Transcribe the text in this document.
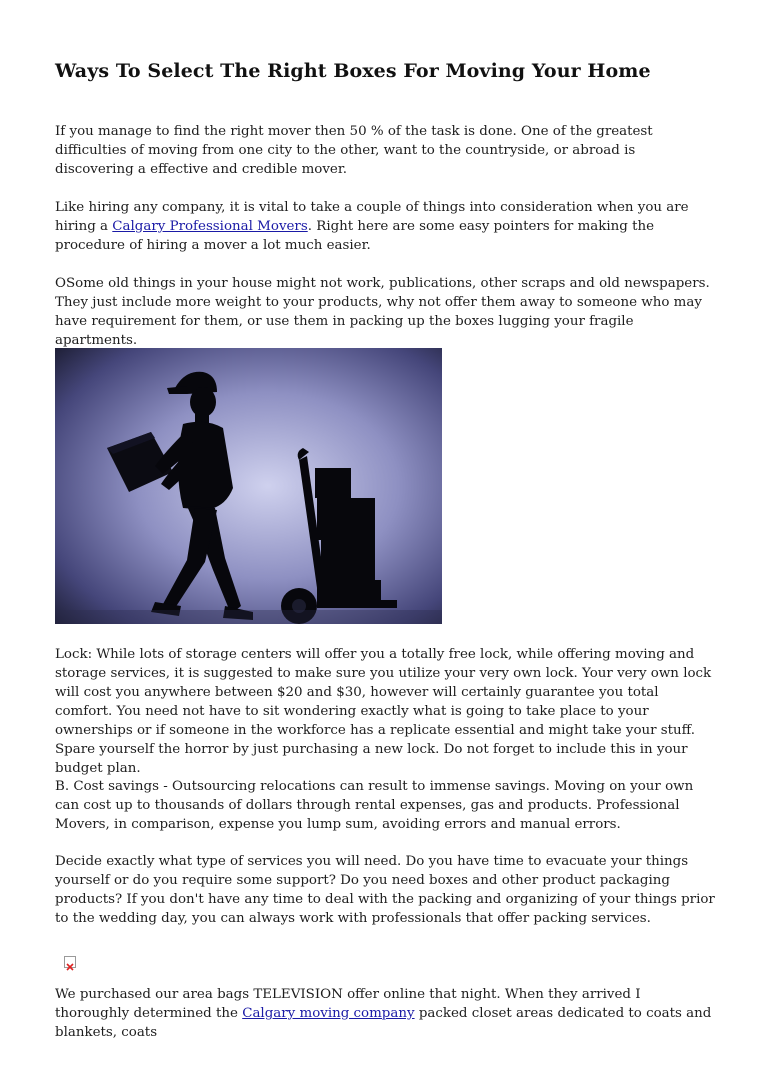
Ways To Select The Right Boxes For Moving Your Home

If you manage to find the right mover then 50 % of the task is done. One of the greatest difficulties of moving from one city to the other, want to the countryside, or abroad is discovering a effective and credible mover.

Like hiring any company, it is vital to take a couple of things into consideration when you are hiring a Calgary Professional Movers. Right here are some easy pointers for making the procedure of hiring a mover a lot much easier.

OSome old things in your house might not work, publications, other scraps and old newspapers. They just include more weight to your products, why not offer them away to someone who may have requirement for them, or use them in packing up the boxes lugging your fragile apartments.

Lock: While lots of storage centers will offer you a totally free lock, while offering moving and storage services, it is suggested to make sure you utilize your very own lock. Your very own lock will cost you anywhere between $20 and $30, however will certainly guarantee you total comfort. You need not have to sit wondering exactly what is going to take place to your ownerships or if someone in the workforce has a replicate essential and might take your stuff. Spare yourself the horror by just purchasing a new lock. Do not forget to include this in your budget plan.

B. Cost savings - Outsourcing relocations can result to immense savings. Moving on your own can cost up to thousands of dollars through rental expenses, gas and products. Professional Movers, in comparison, expense you lump sum, avoiding errors and manual errors.

Decide exactly what type of services you will need. Do you have time to evacuate your things yourself or do you require some support? Do you need boxes and other product packaging products? If you don't have any time to deal with the packing and organizing of your things prior to the wedding day, you can always work with professionals that offer packing services.

We purchased our area bags TELEVISION offer online that night. When they arrived I thoroughly determined the Calgary moving company packed closet areas dedicated to coats and blankets, coats
